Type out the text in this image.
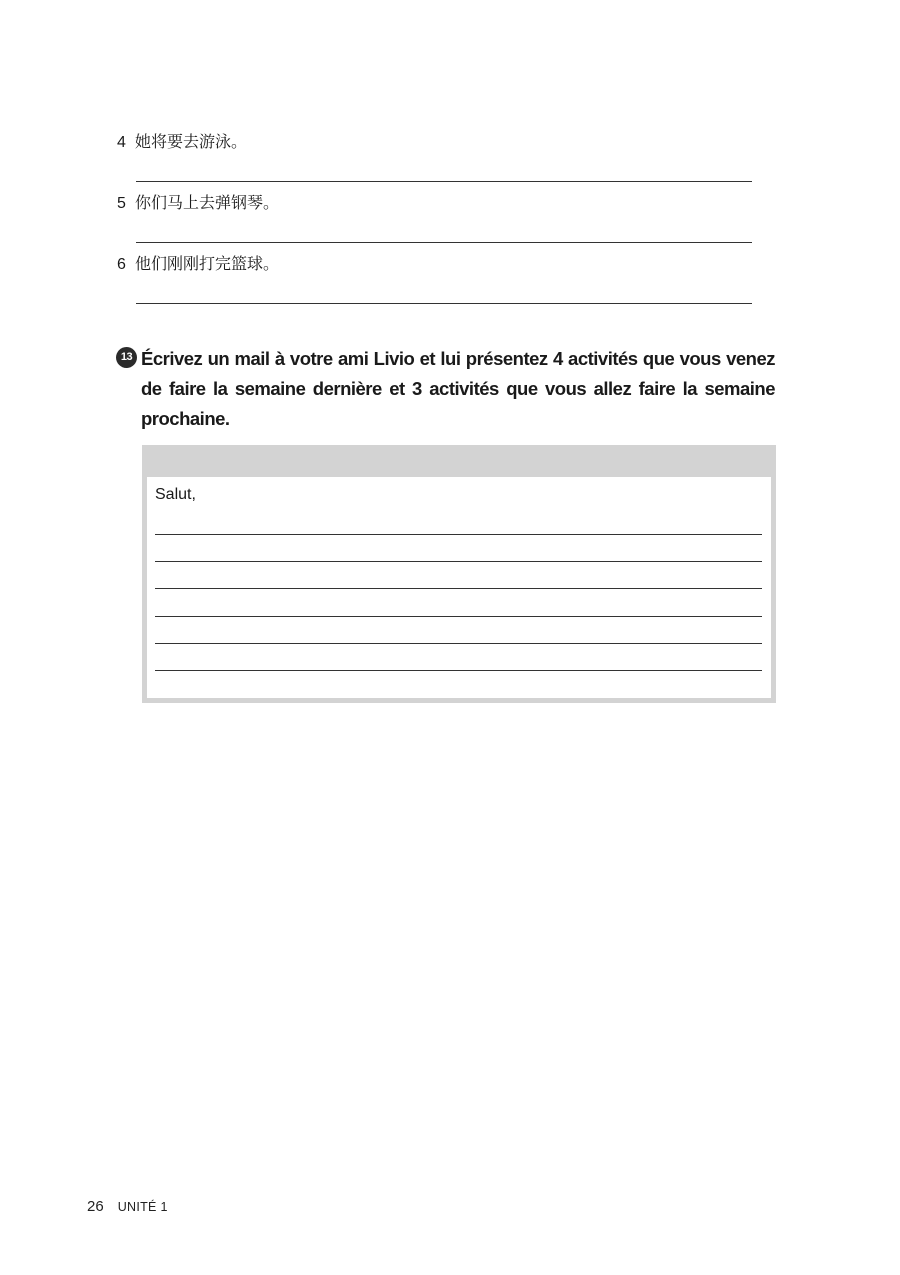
4 她将要去游泳。
5 你们马上去弹钢琴。
6 他们刚刚打完篮球。
13 Écrivez un mail à votre ami Livio et lui présentez 4 activités que vous venez de faire la semaine dernière et 3 activités que vous allez faire la semaine prochaine.

Salut,
26 UNITÉ 1
